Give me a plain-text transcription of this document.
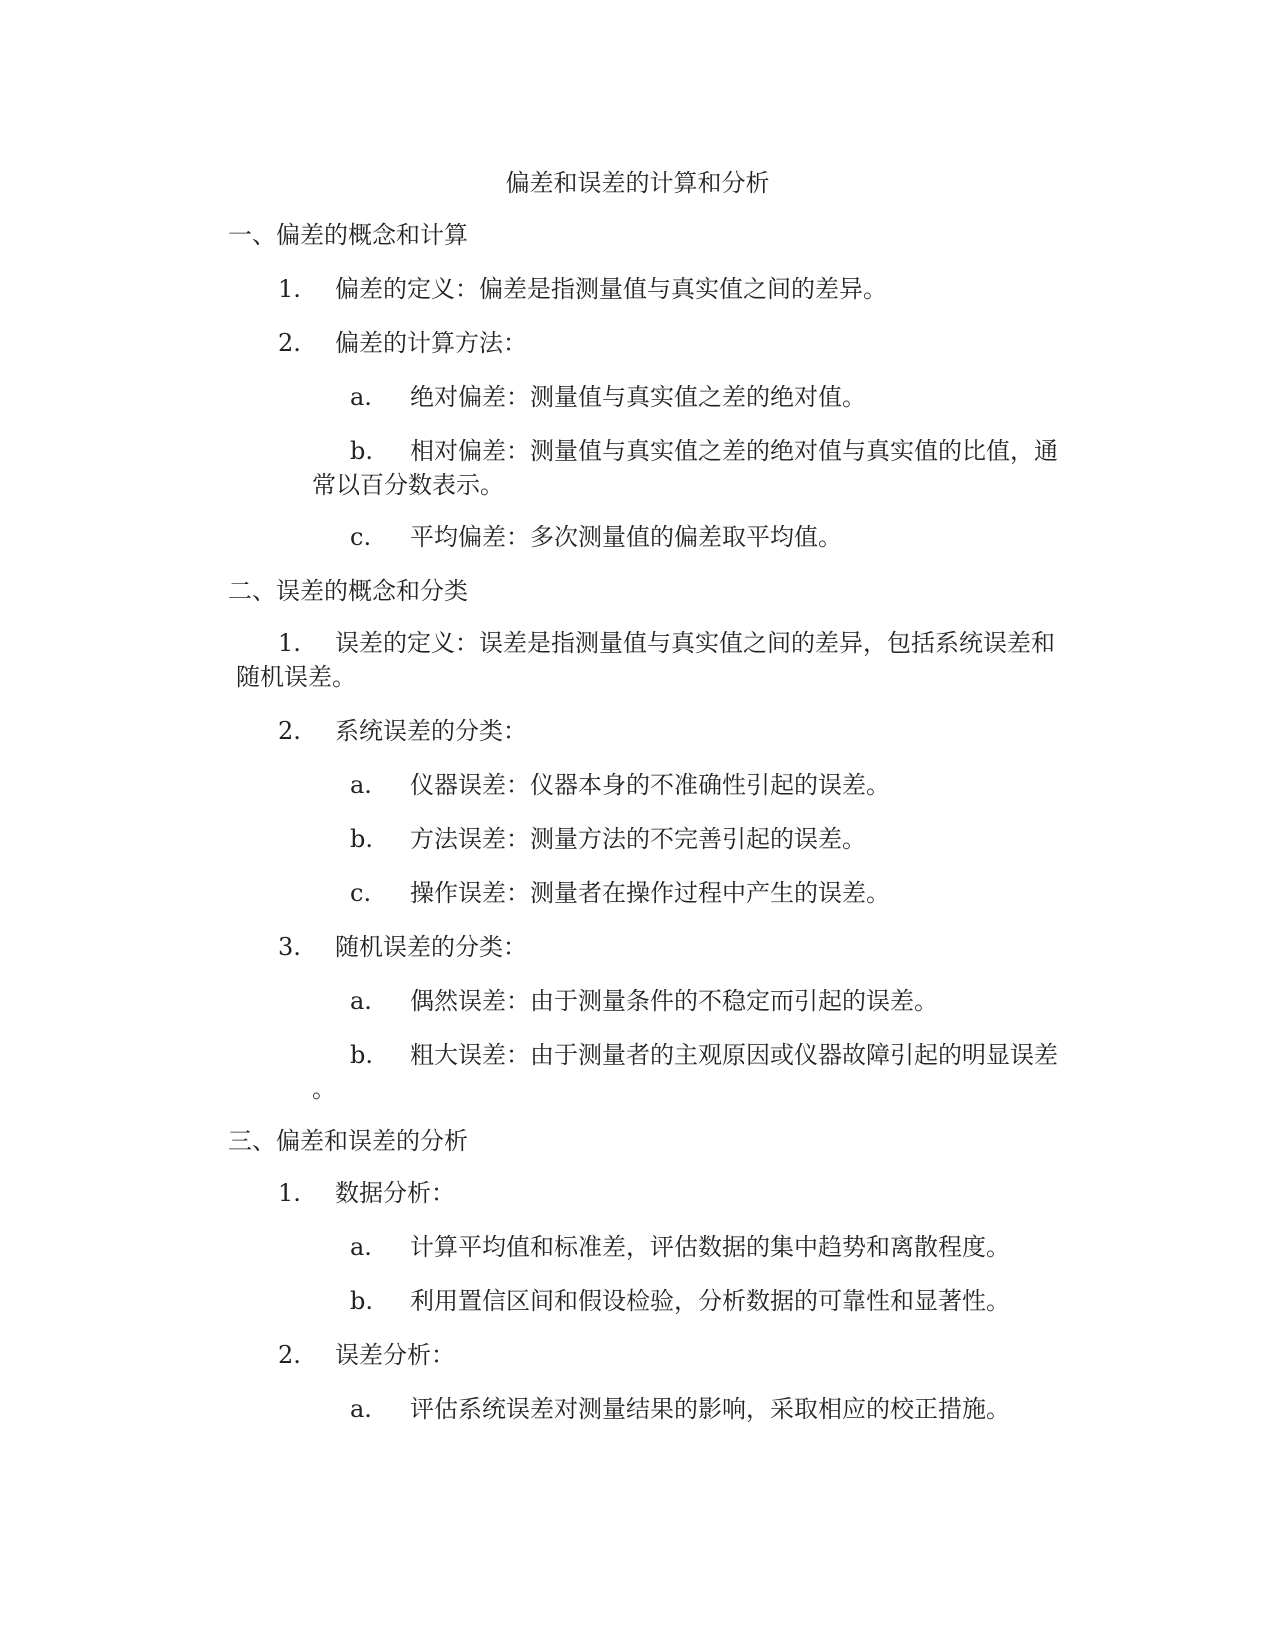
偏差和误差的计算和分析
一、偏差的概念和计算
1. 偏差的定义：偏差是指测量值与真实值之间的差异。
2. 偏差的计算方法：
a. 绝对偏差：测量值与真实值之差的绝对值。
b. 相对偏差：测量值与真实值之差的绝对值与真实值的比值，通
常以百分数表示。
c. 平均偏差：多次测量值的偏差取平均值。
二、误差的概念和分类
1. 误差的定义：误差是指测量值与真实值之间的差异，包括系统误差和
随机误差。
2. 系统误差的分类：
a. 仪器误差：仪器本身的不准确性引起的误差。
b. 方法误差：测量方法的不完善引起的误差。
c. 操作误差：测量者在操作过程中产生的误差。
3. 随机误差的分类：
a. 偶然误差：由于测量条件的不稳定而引起的误差。
b. 粗大误差：由于测量者的主观原因或仪器故障引起的明显误差
。
三、偏差和误差的分析
1. 数据分析：
a. 计算平均值和标准差，评估数据的集中趋势和离散程度。
b. 利用置信区间和假设检验，分析数据的可靠性和显著性。
2. 误差分析：
a. 评估系统误差对测量结果的影响，采取相应的校正措施。
